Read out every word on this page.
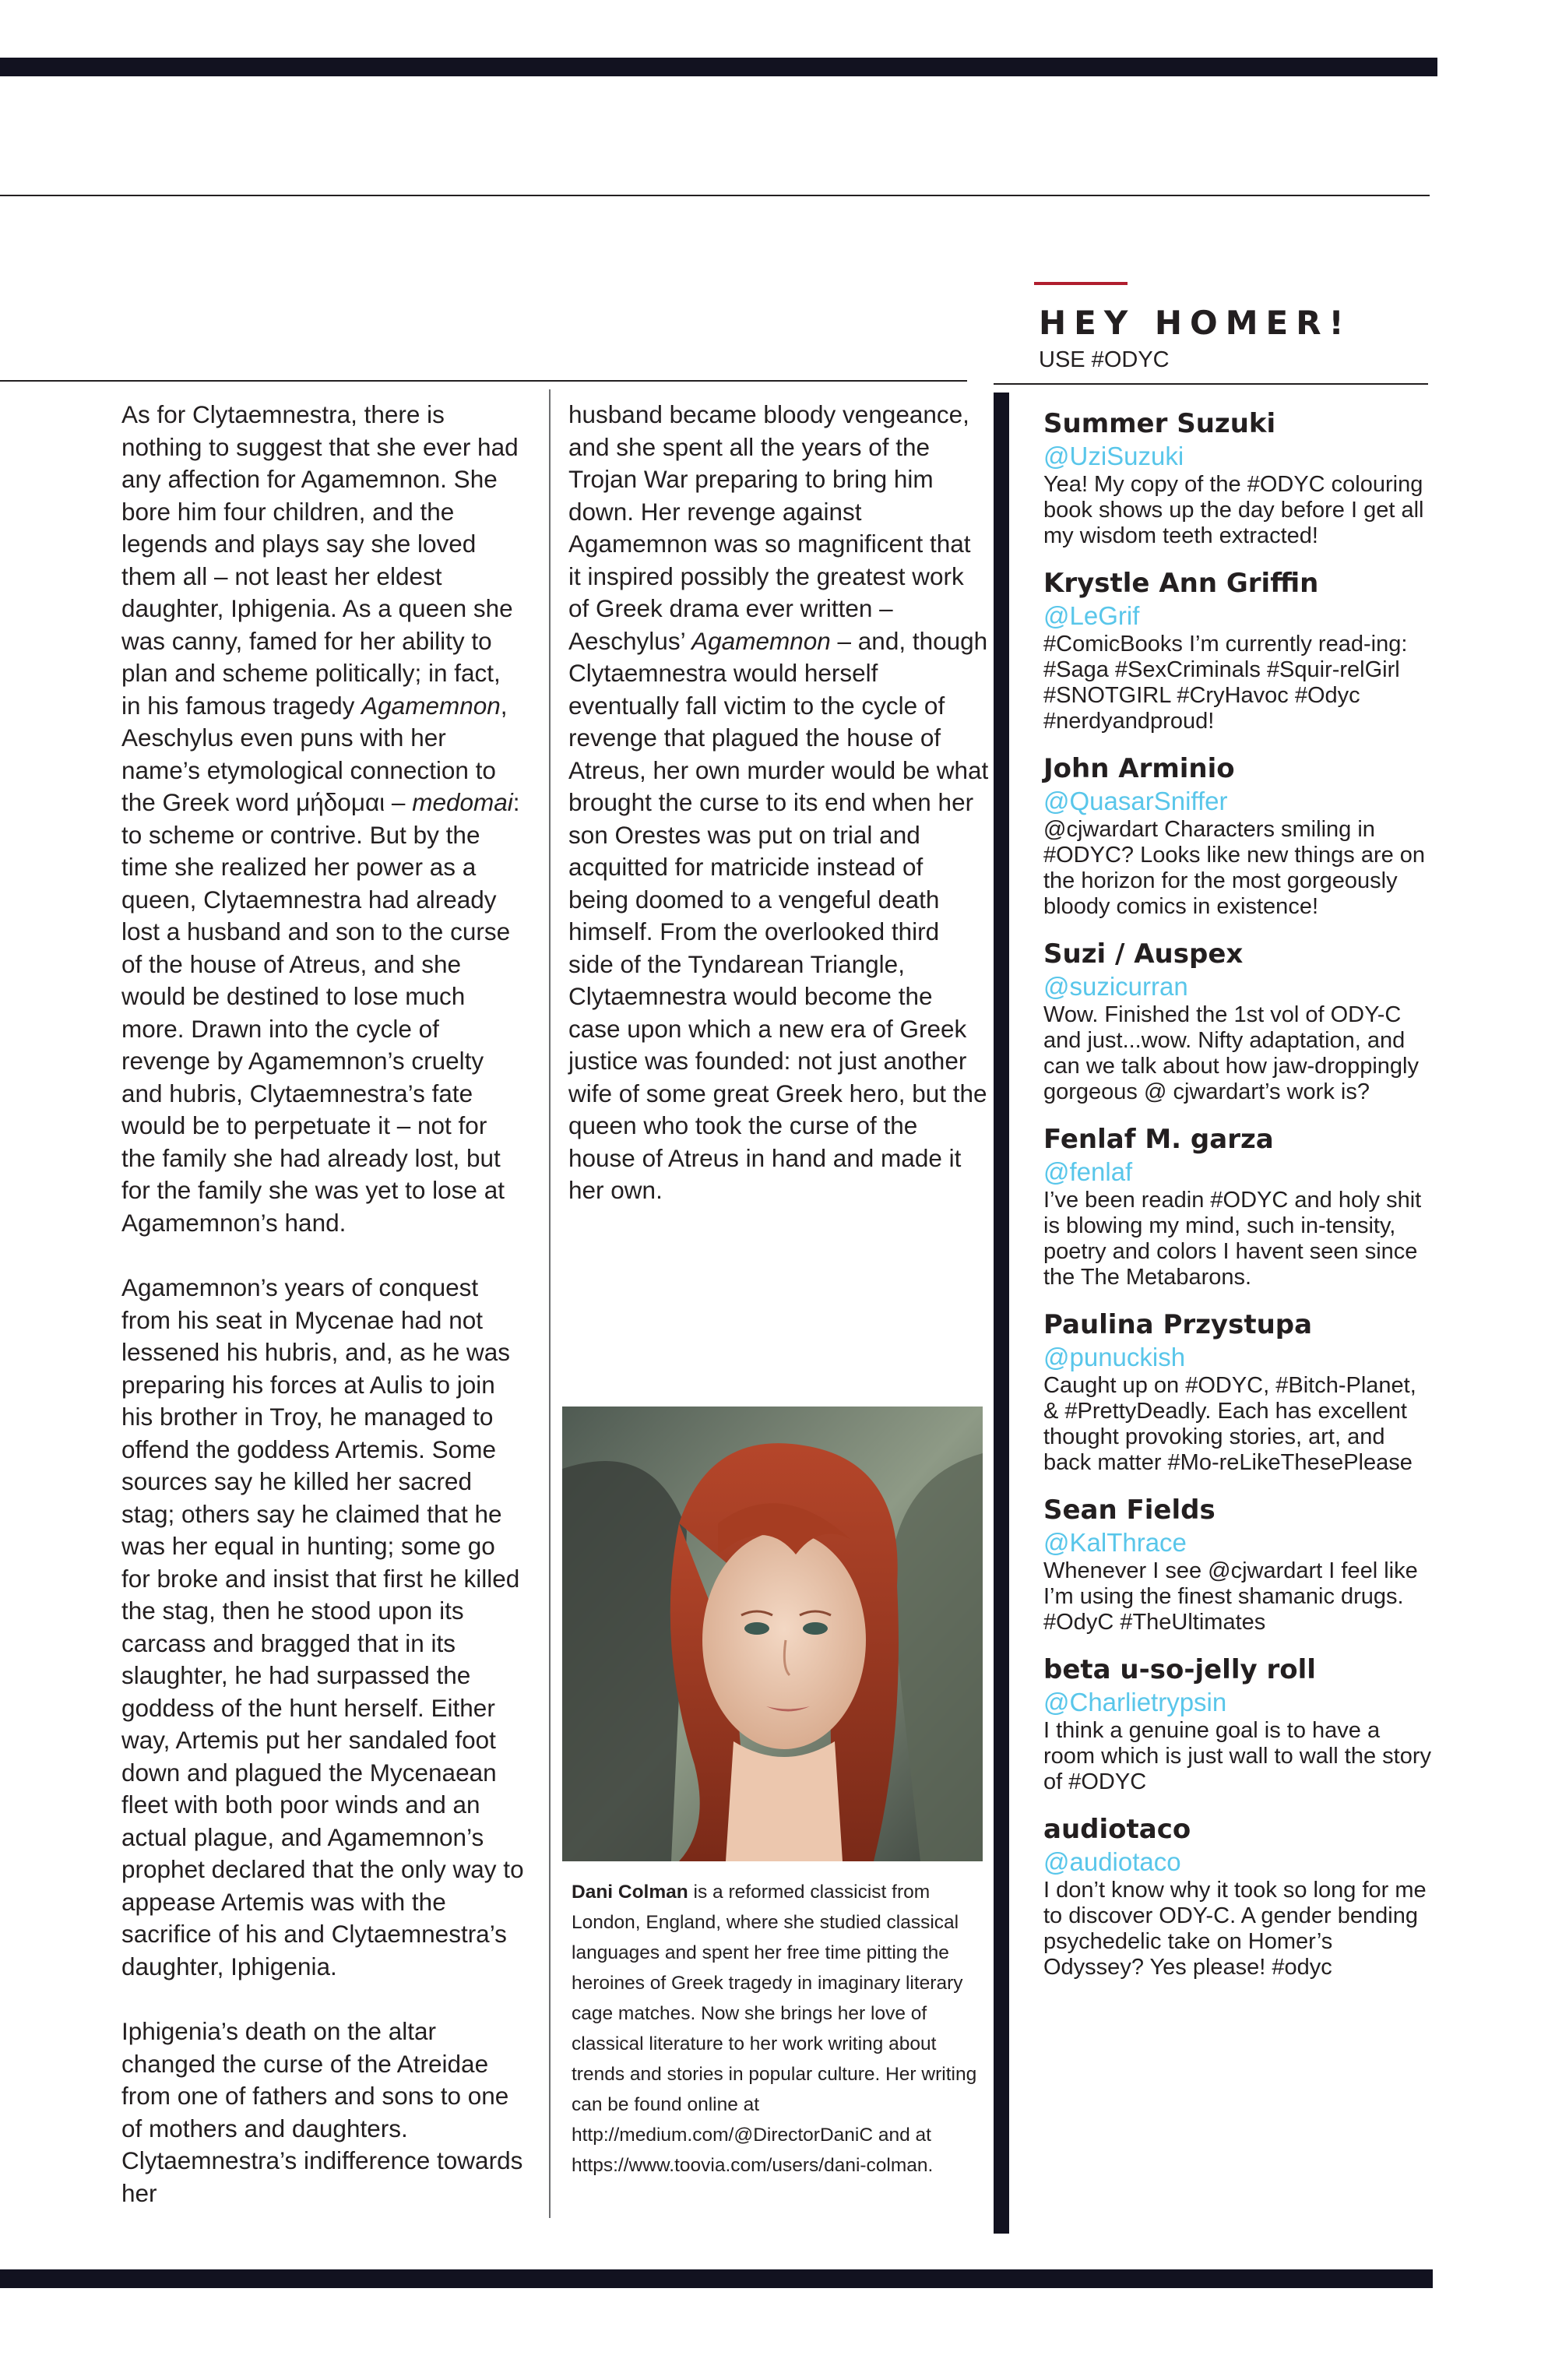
HEY HOMER!
USE #ODYC

As for Clytaemnestra, there is nothing to suggest that she ever had any affection for Agamemnon. She bore him four children, and the legends and plays say she loved them all – not least her eldest daughter, Iphigenia. As a queen she was canny, famed for her ability to plan and scheme politically; in fact, in his famous tragedy Agamemnon, Aeschylus even puns with her name’s etymological connection to the Greek word μήδομαι – medomai: to scheme or contrive. But by the time she realized her power as a queen, Clytaemnestra had already lost a husband and son to the curse of the house of Atreus, and she would be destined to lose much more. Drawn into the cycle of revenge by Agamemnon’s cruelty and hubris, Clytaemnestra’s fate would be to perpetuate it – not for the family she had already lost, but for the family she was yet to lose at Agamemnon’s hand.

Agamemnon’s years of conquest from his seat in Mycenae had not lessened his hubris, and, as he was preparing his forces at Aulis to join his brother in Troy, he managed to offend the goddess Artemis. Some sources say he killed her sacred stag; others say he claimed that he was her equal in hunting; some go for broke and insist that first he killed the stag, then he stood upon its carcass and bragged that in its slaughter, he had surpassed the goddess of the hunt herself. Either way, Artemis put her sandaled foot down and plagued the Mycenaean fleet with both poor winds and an actual plague, and Agamemnon’s prophet declared that the only way to appease Artemis was with the sacrifice of his and Clytaemnestra’s daughter, Iphigenia.

Iphigenia’s death on the altar changed the curse of the Atreidae from one of fathers and sons to one of mothers and daughters. Clytaemnestra’s indifference towards her

husband became bloody vengeance, and she spent all the years of the Trojan War preparing to bring him down. Her revenge against Agamemnon was so magnificent that it inspired possibly the greatest work of Greek drama ever written – Aeschylus’ Agamemnon – and, though Clytaemnestra would herself eventually fall victim to the cycle of revenge that plagued the house of Atreus, her own murder would be what brought the curse to its end when her son Orestes was put on trial and acquitted for matricide instead of being doomed to a vengeful death himself. From the overlooked third side of the Tyndarean Triangle, Clytaemnestra would become the case upon which a new era of Greek justice was founded: not just another wife of some great Greek hero, but the queen who took the curse of the house of Atreus in hand and made it her own.

Dani Colman is a reformed classicist from London, England, where she studied classical languages and spent her free time pitting the heroines of Greek tragedy in imaginary literary cage matches. Now she brings her love of classical literature to her work writing about trends and stories in popular culture. Her writing can be found online at http://medium.com/@DirectorDaniC and at https://www.toovia.com/users/dani-colman.
Summer Suzuki
@UziSuzuki
Yea! My copy of the #ODYC colouring book shows up the day before I get all my wisdom teeth extracted!
Krystle Ann Griffin
@LeGrif
#ComicBooks I’m currently read-ing: #Saga #SexCriminals #Squir-relGirl #SNOTGIRL #CryHavoc #Odyc #nerdyandproud!
John Arminio
@QuasarSniffer
@cjwardart Characters smiling in #ODYC? Looks like new things are on the horizon for the most gorgeously bloody comics in existence!
Suzi / Auspex
@suzicurran
Wow. Finished the 1st vol of ODY-C and just...wow. Nifty adaptation, and can we talk about how jaw-droppingly gorgeous @ cjwardart’s work is?
Fenlaf M. garza
@fenlaf
I’ve been readin #ODYC and holy shit is blowing my mind, such in-tensity, poetry and colors I havent seen since the The Metabarons.
Paulina Przystupa
@punuckish
Caught up on #ODYC, #Bitch-Planet, & #PrettyDeadly. Each has excellent thought provoking stories, art, and back matter #Mo-reLikeThesePlease
Sean Fields
@KalThrace
Whenever I see @cjwardart I feel like I’m using the finest shamanic drugs. #OdyC #TheUltimates
beta u-so-jelly roll
@Charlietrypsin
I think a genuine goal is to have a room which is just wall to wall the story of #ODYC
audiotaco
@audiotaco
I don’t know why it took so long for me to discover ODY-C. A gender bending psychedelic take on Homer’s Odyssey? Yes please! #odyc
